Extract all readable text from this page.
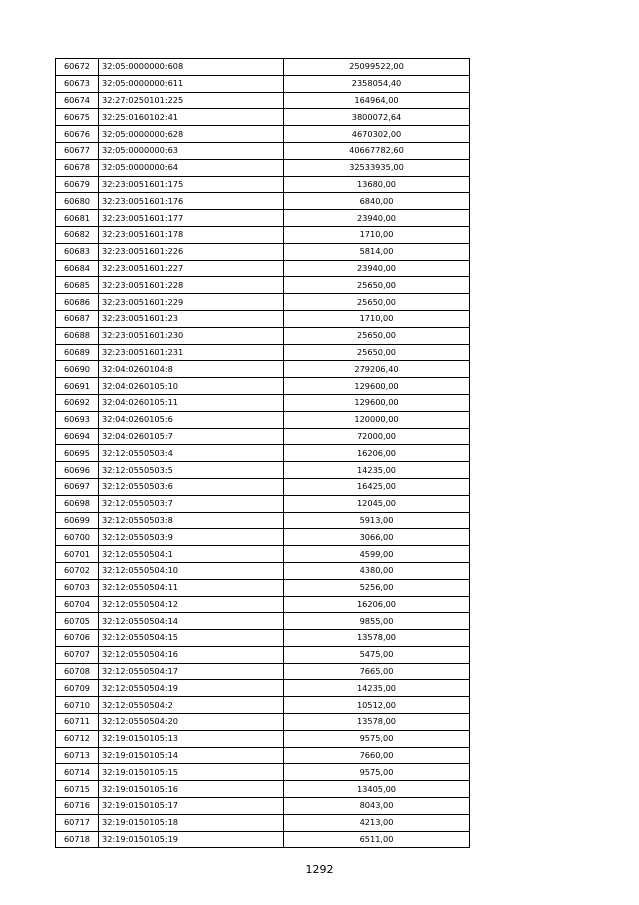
60672	32:05:0000000:608	25099522,00
60673	32:05:0000000:611	2358054,40
60674	32:27:0250101:225	164964,00
60675	32:25:0160102:41	3800072,64
60676	32:05:0000000:628	4670302,00
60677	32:05:0000000:63	40667782,60
60678	32:05:0000000:64	32533935,00
60679	32:23:0051601:175	13680,00
60680	32:23:0051601:176	6840,00
60681	32:23:0051601:177	23940,00
60682	32:23:0051601:178	1710,00
60683	32:23:0051601:226	5814,00
60684	32:23:0051601:227	23940,00
60685	32:23:0051601:228	25650,00
60686	32:23:0051601:229	25650,00
60687	32:23:0051601:23	1710,00
60688	32:23:0051601:230	25650,00
60689	32:23:0051601:231	25650,00
60690	32:04:0260104:8	279206,40
60691	32:04:0260105:10	129600,00
60692	32:04:0260105:11	129600,00
60693	32:04:0260105:6	120000,00
60694	32:04:0260105:7	72000,00
60695	32:12:0550503:4	16206,00
60696	32:12:0550503:5	14235,00
60697	32:12:0550503:6	16425,00
60698	32:12:0550503:7	12045,00
60699	32:12:0550503:8	5913,00
60700	32:12:0550503:9	3066,00
60701	32:12:0550504:1	4599,00
60702	32:12:0550504:10	4380,00
60703	32:12:0550504:11	5256,00
60704	32:12:0550504:12	16206,00
60705	32:12:0550504:14	9855,00
60706	32:12:0550504:15	13578,00
60707	32:12:0550504:16	5475,00
60708	32:12:0550504:17	7665,00
60709	32:12:0550504:19	14235,00
60710	32:12:0550504:2	10512,00
60711	32:12:0550504:20	13578,00
60712	32:19:0150105:13	9575,00
60713	32:19:0150105:14	7660,00
60714	32:19:0150105:15	9575,00
60715	32:19:0150105:16	13405,00
60716	32:19:0150105:17	8043,00
60717	32:19:0150105:18	4213,00
60718	32:19:0150105:19	6511,00
1292
